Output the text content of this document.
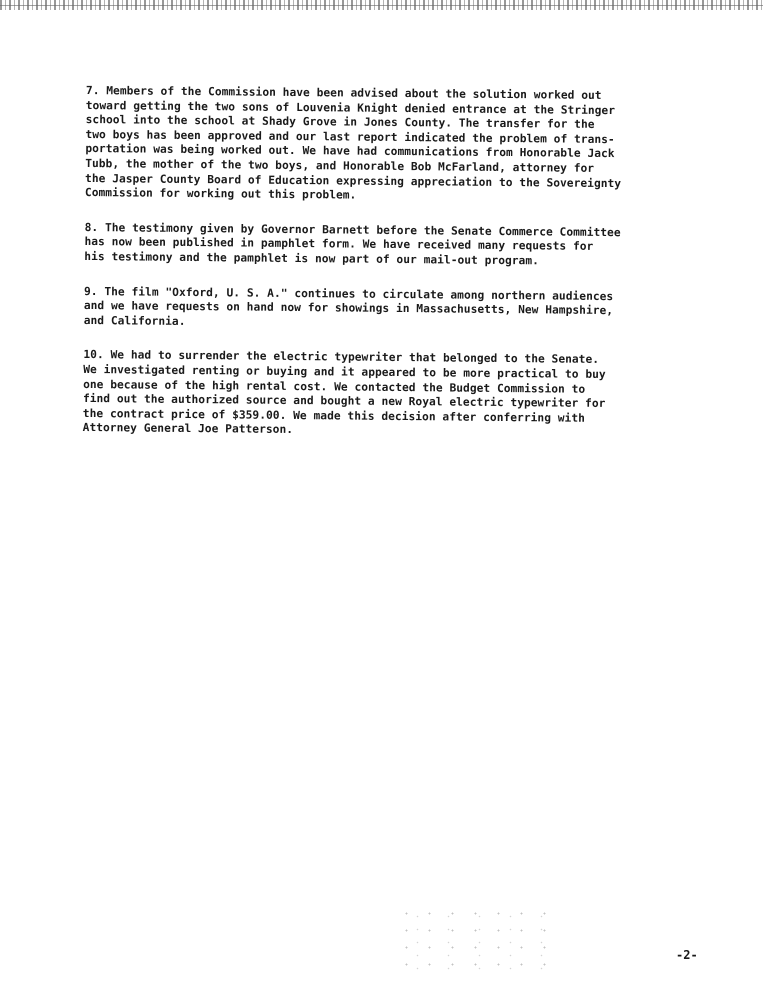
7. Members of the Commission have been advised about the solution worked out
toward getting the two sons of Louvenia Knight denied entrance at the Stringer
school into the school at Shady Grove in Jones County. The transfer for the
two boys has been approved and our last report indicated the problem of trans-
portation was being worked out. We have had communications from Honorable Jack
Tubb, the mother of the two boys, and Honorable Bob McFarland, attorney for
the Jasper County Board of Education expressing appreciation to the Sovereignty
Commission for working out this problem.

8. The testimony given by Governor Barnett before the Senate Commerce Committee
has now been published in pamphlet form. We have received many requests for
his testimony and the pamphlet is now part of our mail-out program.

9. The film "Oxford, U. S. A." continues to circulate among northern audiences
and we have requests on hand now for showings in Massachusetts, New Hampshire,
and California.

10. We had to surrender the electric typewriter that belonged to the Senate.
We investigated renting or buying and it appeared to be more practical to buy
one because of the high rental cost. We contacted the Budget Commission to
find out the authorized source and bought a new Royal electric typewriter for
the contract price of $359.00. We made this decision after conferring with
Attorney General Joe Patterson.

-2-
